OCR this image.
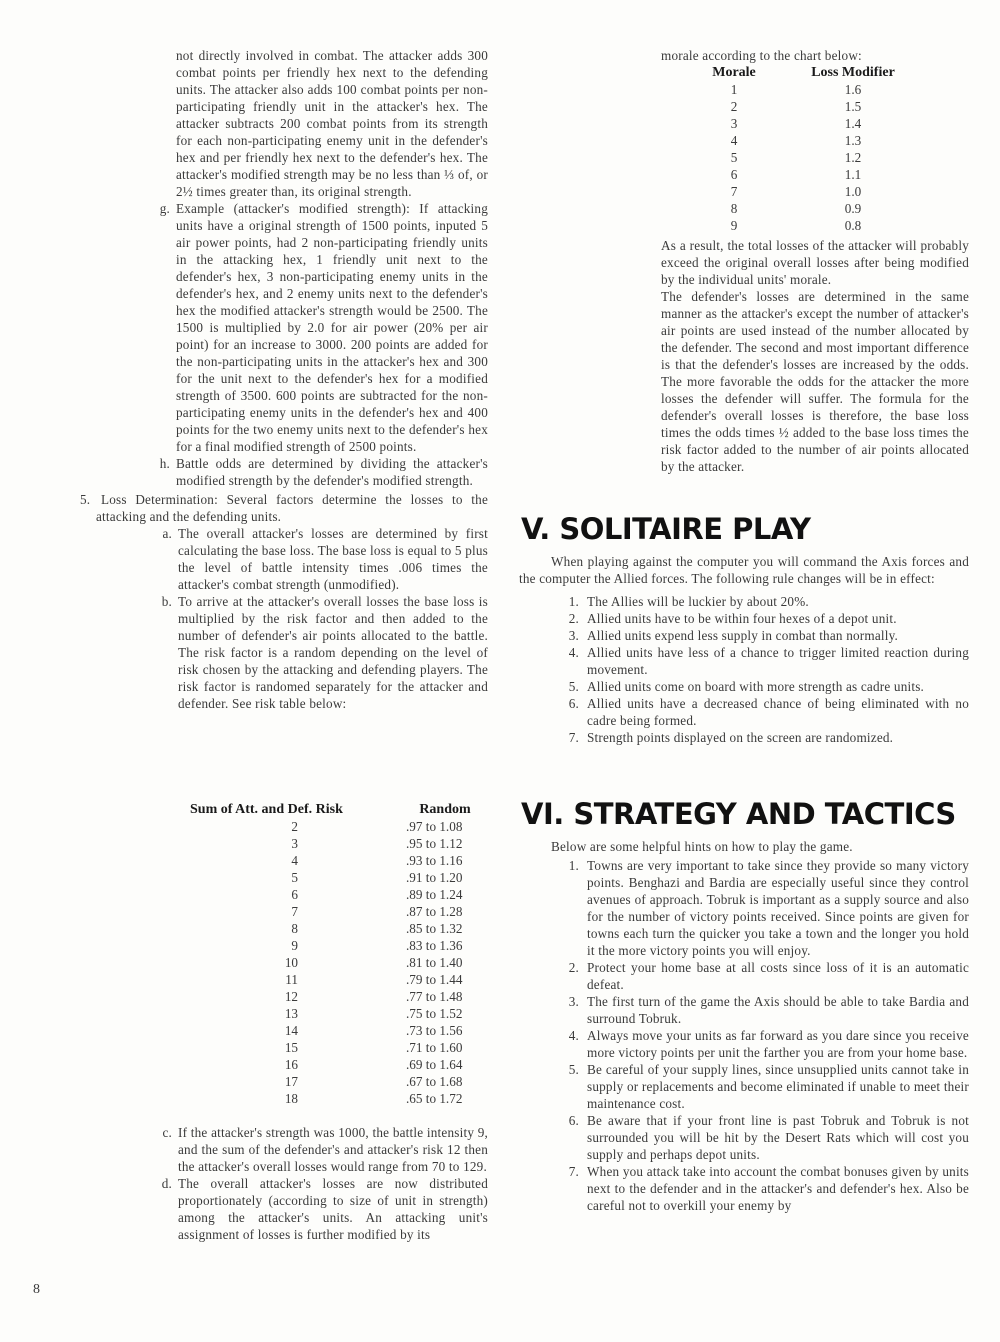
not directly involved in combat. The attacker adds 300 combat points per friendly hex next to the defending units. The attacker also adds 100 combat points per non-participating friendly unit in the attacker's hex. The attacker subtracts 200 combat points from its strength for each non-participating enemy unit in the defender's hex and per friendly hex next to the defender's hex. The attacker's modified strength may be no less than ⅓ of, or 2½ times greater than, its original strength.

g. Example (attacker's modified strength): If attacking units have a original strength of 1500 points, inputed 5 air power points, had 2 non-participating friendly units in the attacking hex, 1 friendly unit next to the defender's hex, 3 non-participating enemy units in the defender's hex, and 2 enemy units next to the defender's hex the modified attacker's strength would be 2500. The 1500 is multiplied by 2.0 for air power (20% per air point) for an increase to 3000. 200 points are added for the non-participating units in the attacker's hex and 300 for the unit next to the defender's hex for a modified strength of 3500. 600 points are subtracted for the non-participating enemy units in the defender's hex and 400 points for the two enemy units next to the defender's hex for a final modified strength of 2500 points.
h. Battle odds are determined by dividing the attacker's modified strength by the defender's modified strength.
5. Loss Determination: Several factors determine the losses to the attacking and the defending units.
a. The overall attacker's losses are determined by first calculating the base loss. The base loss is equal to 5 plus the level of battle intensity times .006 times the attacker's combat strength (unmodified).
b. To arrive at the attacker's overall losses the base loss is multiplied by the risk factor and then added to the number of defender's air points allocated to the battle. The risk factor is a random depending on the level of risk chosen by the attacking and defending players. The risk factor is randomed separately for the attacker and defender. See risk table below:
Sum of Att. and Def. Risk	Random
2	.97 to 1.08
3	.95 to 1.12
4	.93 to 1.16
5	.91 to 1.20
6	.89 to 1.24
7	.87 to 1.28
8	.85 to 1.32
9	.83 to 1.36
10	.81 to 1.40
11	.79 to 1.44
12	.77 to 1.48
13	.75 to 1.52
14	.73 to 1.56
15	.71 to 1.60
16	.69 to 1.64
17	.67 to 1.68
18	.65 to 1.72
c. If the attacker's strength was 1000, the battle intensity 9, and the sum of the defender's and attacker's risk 12 then the attacker's overall losses would range from 70 to 129.
d. The overall attacker's losses are now distributed proportionately (according to size of unit in strength) among the attacker's units. An attacking unit's assignment of losses is further modified by its

morale according to the chart below:

Morale	Loss Modifier
1	1.6
2	1.5
3	1.4
4	1.3
5	1.2
6	1.1
7	1.0
8	0.9
9	0.8

As a result, the total losses of the attacker will probably exceed the original overall losses after being modified by the individual units' morale.

The defender's losses are determined in the same manner as the attacker's except the number of attacker's air points are used instead of the number allocated by the defender. The second and most important difference is that the defender's losses are increased by the odds. The more favorable the odds for the attacker the more losses the defender will suffer. The formula for the defender's overall losses is therefore, the base loss times the odds times ½ added to the base loss times the risk factor added to the number of air points allocated by the attacker.

V. SOLITAIRE PLAY

When playing against the computer you will command the Axis forces and the computer the Allied forces. The following rule changes will be in effect:

1. The Allies will be luckier by about 20%.
2. Allied units have to be within four hexes of a depot unit.
3. Allied units expend less supply in combat than normally.
4. Allied units have less of a chance to trigger limited reaction during movement.
5. Allied units come on board with more strength as cadre units.
6. Allied units have a decreased chance of being eliminated with no cadre being formed.
7. Strength points displayed on the screen are randomized.
VI. STRATEGY AND TACTICS

Below are some helpful hints on how to play the game.

1. Towns are very important to take since they provide so many victory points. Benghazi and Bardia are especially useful since they control avenues of approach. Tobruk is important as a supply source and also for the number of victory points received. Since points are given for towns each turn the quicker you take a town and the longer you hold it the more victory points you will enjoy.
2. Protect your home base at all costs since loss of it is an automatic defeat.
3. The first turn of the game the Axis should be able to take Bardia and surround Tobruk.
4. Always move your units as far forward as you dare since you receive more victory points per unit the farther you are from your home base.
5. Be careful of your supply lines, since unsupplied units cannot take in supply or replacements and become eliminated if unable to meet their maintenance cost.
6. Be aware that if your front line is past Tobruk and Tobruk is not surrounded you will be hit by the Desert Rats which will cost you supply and perhaps depot units.
7. When you attack take into account the combat bonuses given by units next to the defender and in the attacker's and defender's hex. Also be careful not to overkill your enemy by
8
